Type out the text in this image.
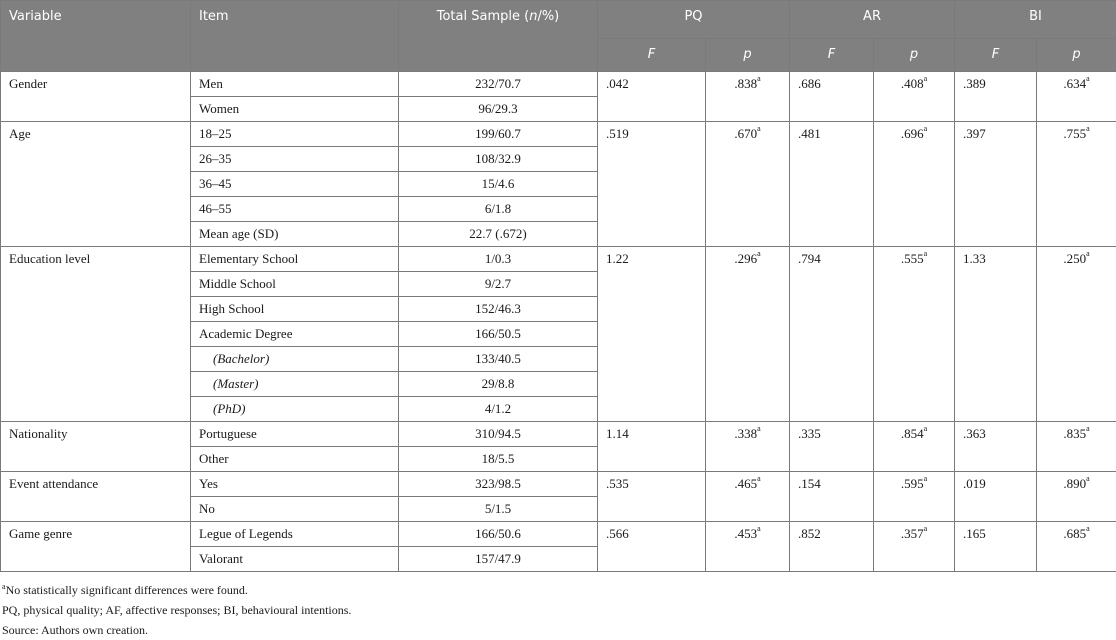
Variable	Item	Total Sample (n/%)	PQ		AR		BI	
			F	p	F	p	F	p
Gender	Men	232/70.7	.042	.838$^a$	.686	.408$^a$	.389	.634$^a$
	Women	96/29.3						
Age	18–25	199/60.7	.519	.670$^a$	.481	.696$^a$	.397	.755$^a$
	26–35	108/32.9						
	36–45	15/4.6						
	46–55	6/1.8						
	Mean age (SD)	22.7 (.672)						
Education level	Elementary School	1/0.3	1.22	.296$^a$	.794	.555$^a$	1.33	.250$^a$
	Middle School	9/2.7						
	High School	152/46.3						
	Academic Degree	166/50.5						
	(Bachelor)	133/40.5						
	(Master)	29/8.8						
	(PhD)	4/1.2						
Nationality	Portuguese	310/94.5	1.14	.338$^a$	.335	.854$^a$	.363	.835$^a$
	Other	18/5.5						
Event attendance	Yes	323/98.5	.535	.465$^a$	.154	.595$^a$	.019	.890$^a$
	No	5/1.5						
Game genre	Legue of Legends	166/50.6	.566	.453$^a$	.852	.357$^a$	.165	.685$^a$
	Valorant	157/47.9						
$^a$No statistically significant differences were found.
PQ, physical quality; AF, affective responses; BI, behavioural intentions.
Source: Authors own creation.
